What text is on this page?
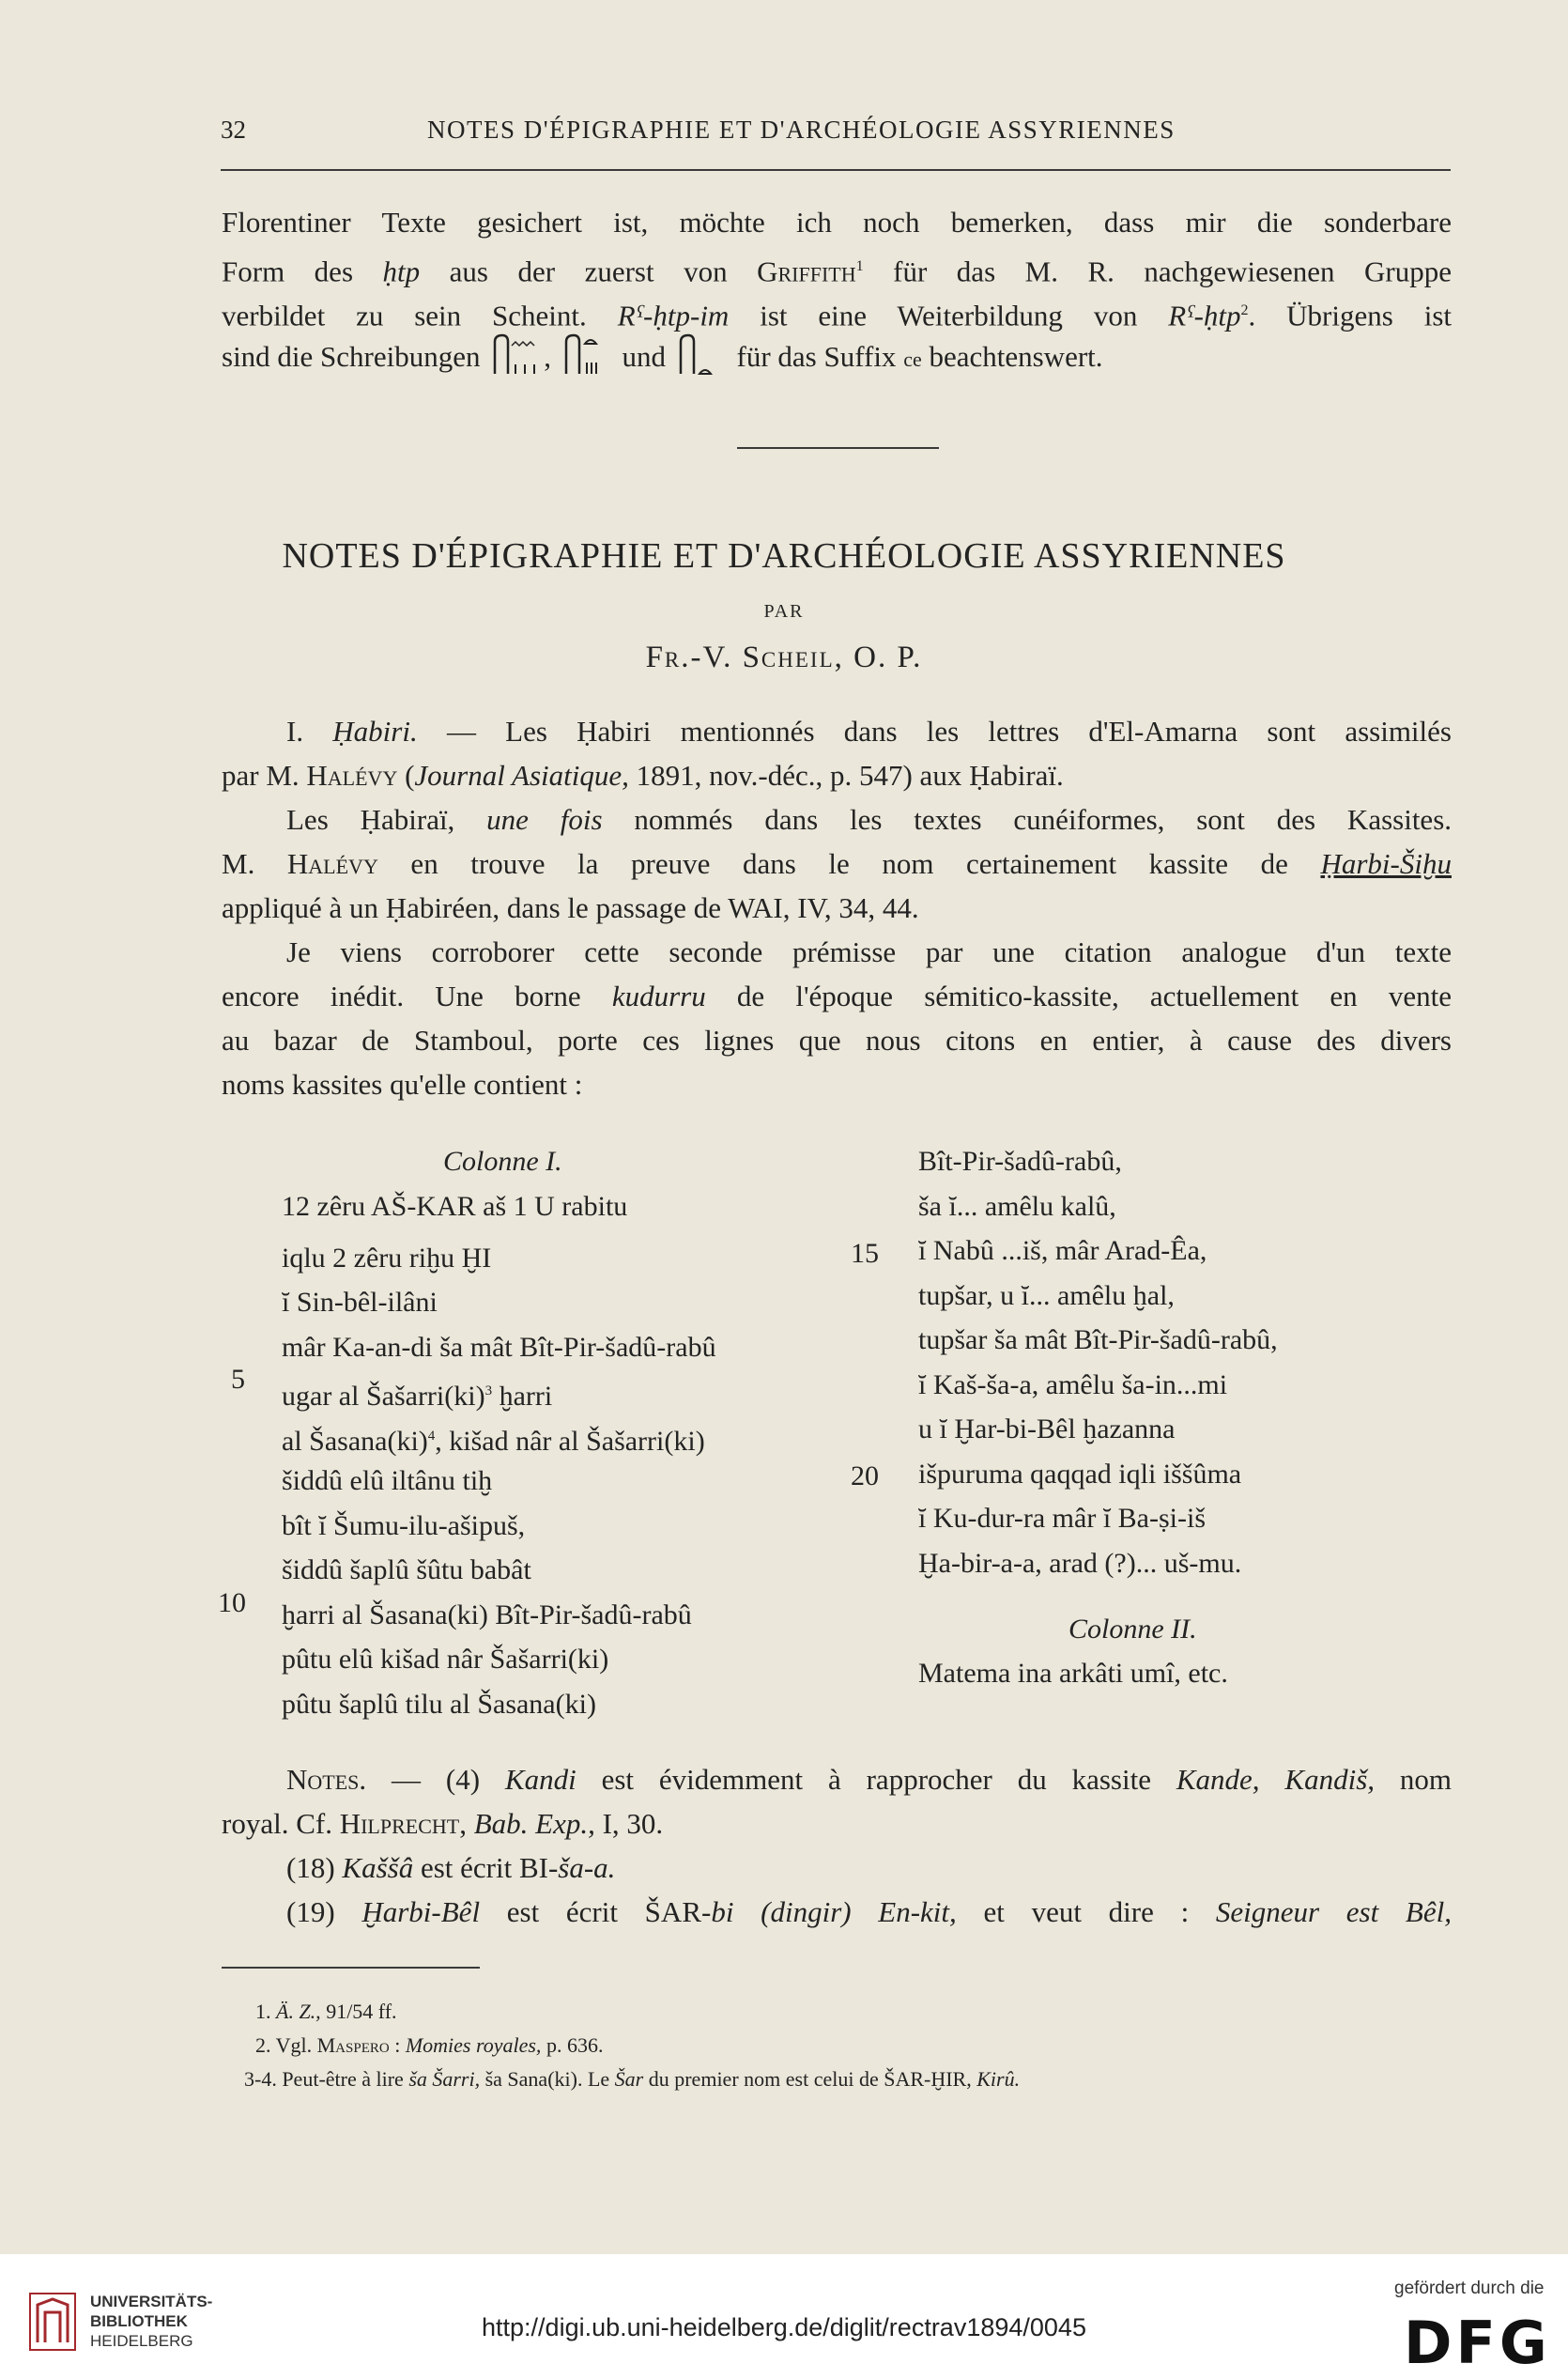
32	NOTES D'ÉPIGRAPHIE ET D'ARCHÉOLOGIE ASSYRIENNES
Florentiner Texte gesichert ist, möchte ich noch bemerken, dass mir die sonderbare
Form des ḥtp aus der zuerst von Griffith$^1$ für das M. R. nachgewiesenen Gruppe
verbildet zu sein Scheint. Rˁ-ḥtp-im ist eine Weiterbildung von Rˁ-ḥtp$^2$. Übrigens ist
sind die Schreibungen , und für das Suffix ce beachtenswert.
NOTES D'ÉPIGRAPHIE ET D'ARCHÉOLOGIE ASSYRIENNES
PAR
Fr.-V. Scheil, O. P.
I. Ḥabiri. — Les Ḥabiri mentionnés dans les lettres d'El-Amarna sont assimilés
par M. Halévy (Journal Asiatique, 1891, nov.-déc., p. 547) aux Ḥabiraï.
Les Ḥabiraï, une fois nommés dans les textes cunéiformes, sont des Kassites.
M. Halévy en trouve la preuve dans le nom certainement kassite de Ḥarbi-Šiḫu
appliqué à un Ḥabiréen, dans le passage de WAI, IV, 34, 44.
Je viens corroborer cette seconde prémisse par une citation analogue d'un texte
encore inédit. Une borne kudurru de l'époque sémitico-kassite, actuellement en vente
au bazar de Stamboul, porte ces lignes que nous citons en entier, à cause des divers
noms kassites qu'elle contient :
Colonne I.
12 zêru AŠ-KAR aš 1 U rabitu
iqlu 2 zêru riḫu ḪI
ĭ Sin-bêl-ilâni
mâr Ka-an-di ša mât Bît-Pir-šadû-rabû
ugar al Šašarri(ki)$^3$ ḫarri
al Šasana(ki)$^4$, kišad nâr al Šašarri(ki)
šiddû elû iltânu tiḫ
bît ĭ Šumu-ilu-ašipuš,
šiddû šaplû šûtu babât
ḫarri al Šasana(ki) Bît-Pir-šadû-rabû
pûtu elû kišad nâr Šašarri(ki)
pûtu šaplû tilu al Šasana(ki)
5
10
Bît-Pir-šadû-rabû,
ša ĭ... amêlu kalû,
ĭ Nabû ...iš, mâr Arad-Êa,
tupšar, u ĭ... amêlu ḫal,
tupšar ša mât Bît-Pir-šadû-rabû,
ĭ Kaš-ša-a, amêlu ša-in...mi
u ĭ Ḫar-bi-Bêl ḫazanna
išpuruma qaqqad iqli iššûma
ĭ Ku-dur-ra mâr ĭ Ba-ṣi-iš
Ḫa-bir-a-a, arad (?)... uš-mu.
Colonne II.
Matema ina arkâti umî, etc.
15
20
Notes. — (4) Kandi est évidemment à rapprocher du kassite Kande, Kandiš, nom
royal. Cf. Hilprecht, Bab. Exp., I, 30.
(18) Kaššâ est écrit BI-ša-a.
(19) Ḫarbi-Bêl est écrit ŠAR-bi (dingir) En-kit, et veut dire : Seigneur est Bêl,
1. Ä. Z., 91/54 ff.
2. Vgl. Maspero : Momies royales, p. 636.
3-4. Peut-être à lire ša Šarri, ša Sana(ki). Le Šar du premier nom est celui de ŠAR-ḪIR, Kirû.
UNIVERSITÄTS-
BIBLIOTHEK
HEIDELBERG	http://digi.ub.uni-heidelberg.de/diglit/rectrav1894/0045
gefördert durch die
DFG
